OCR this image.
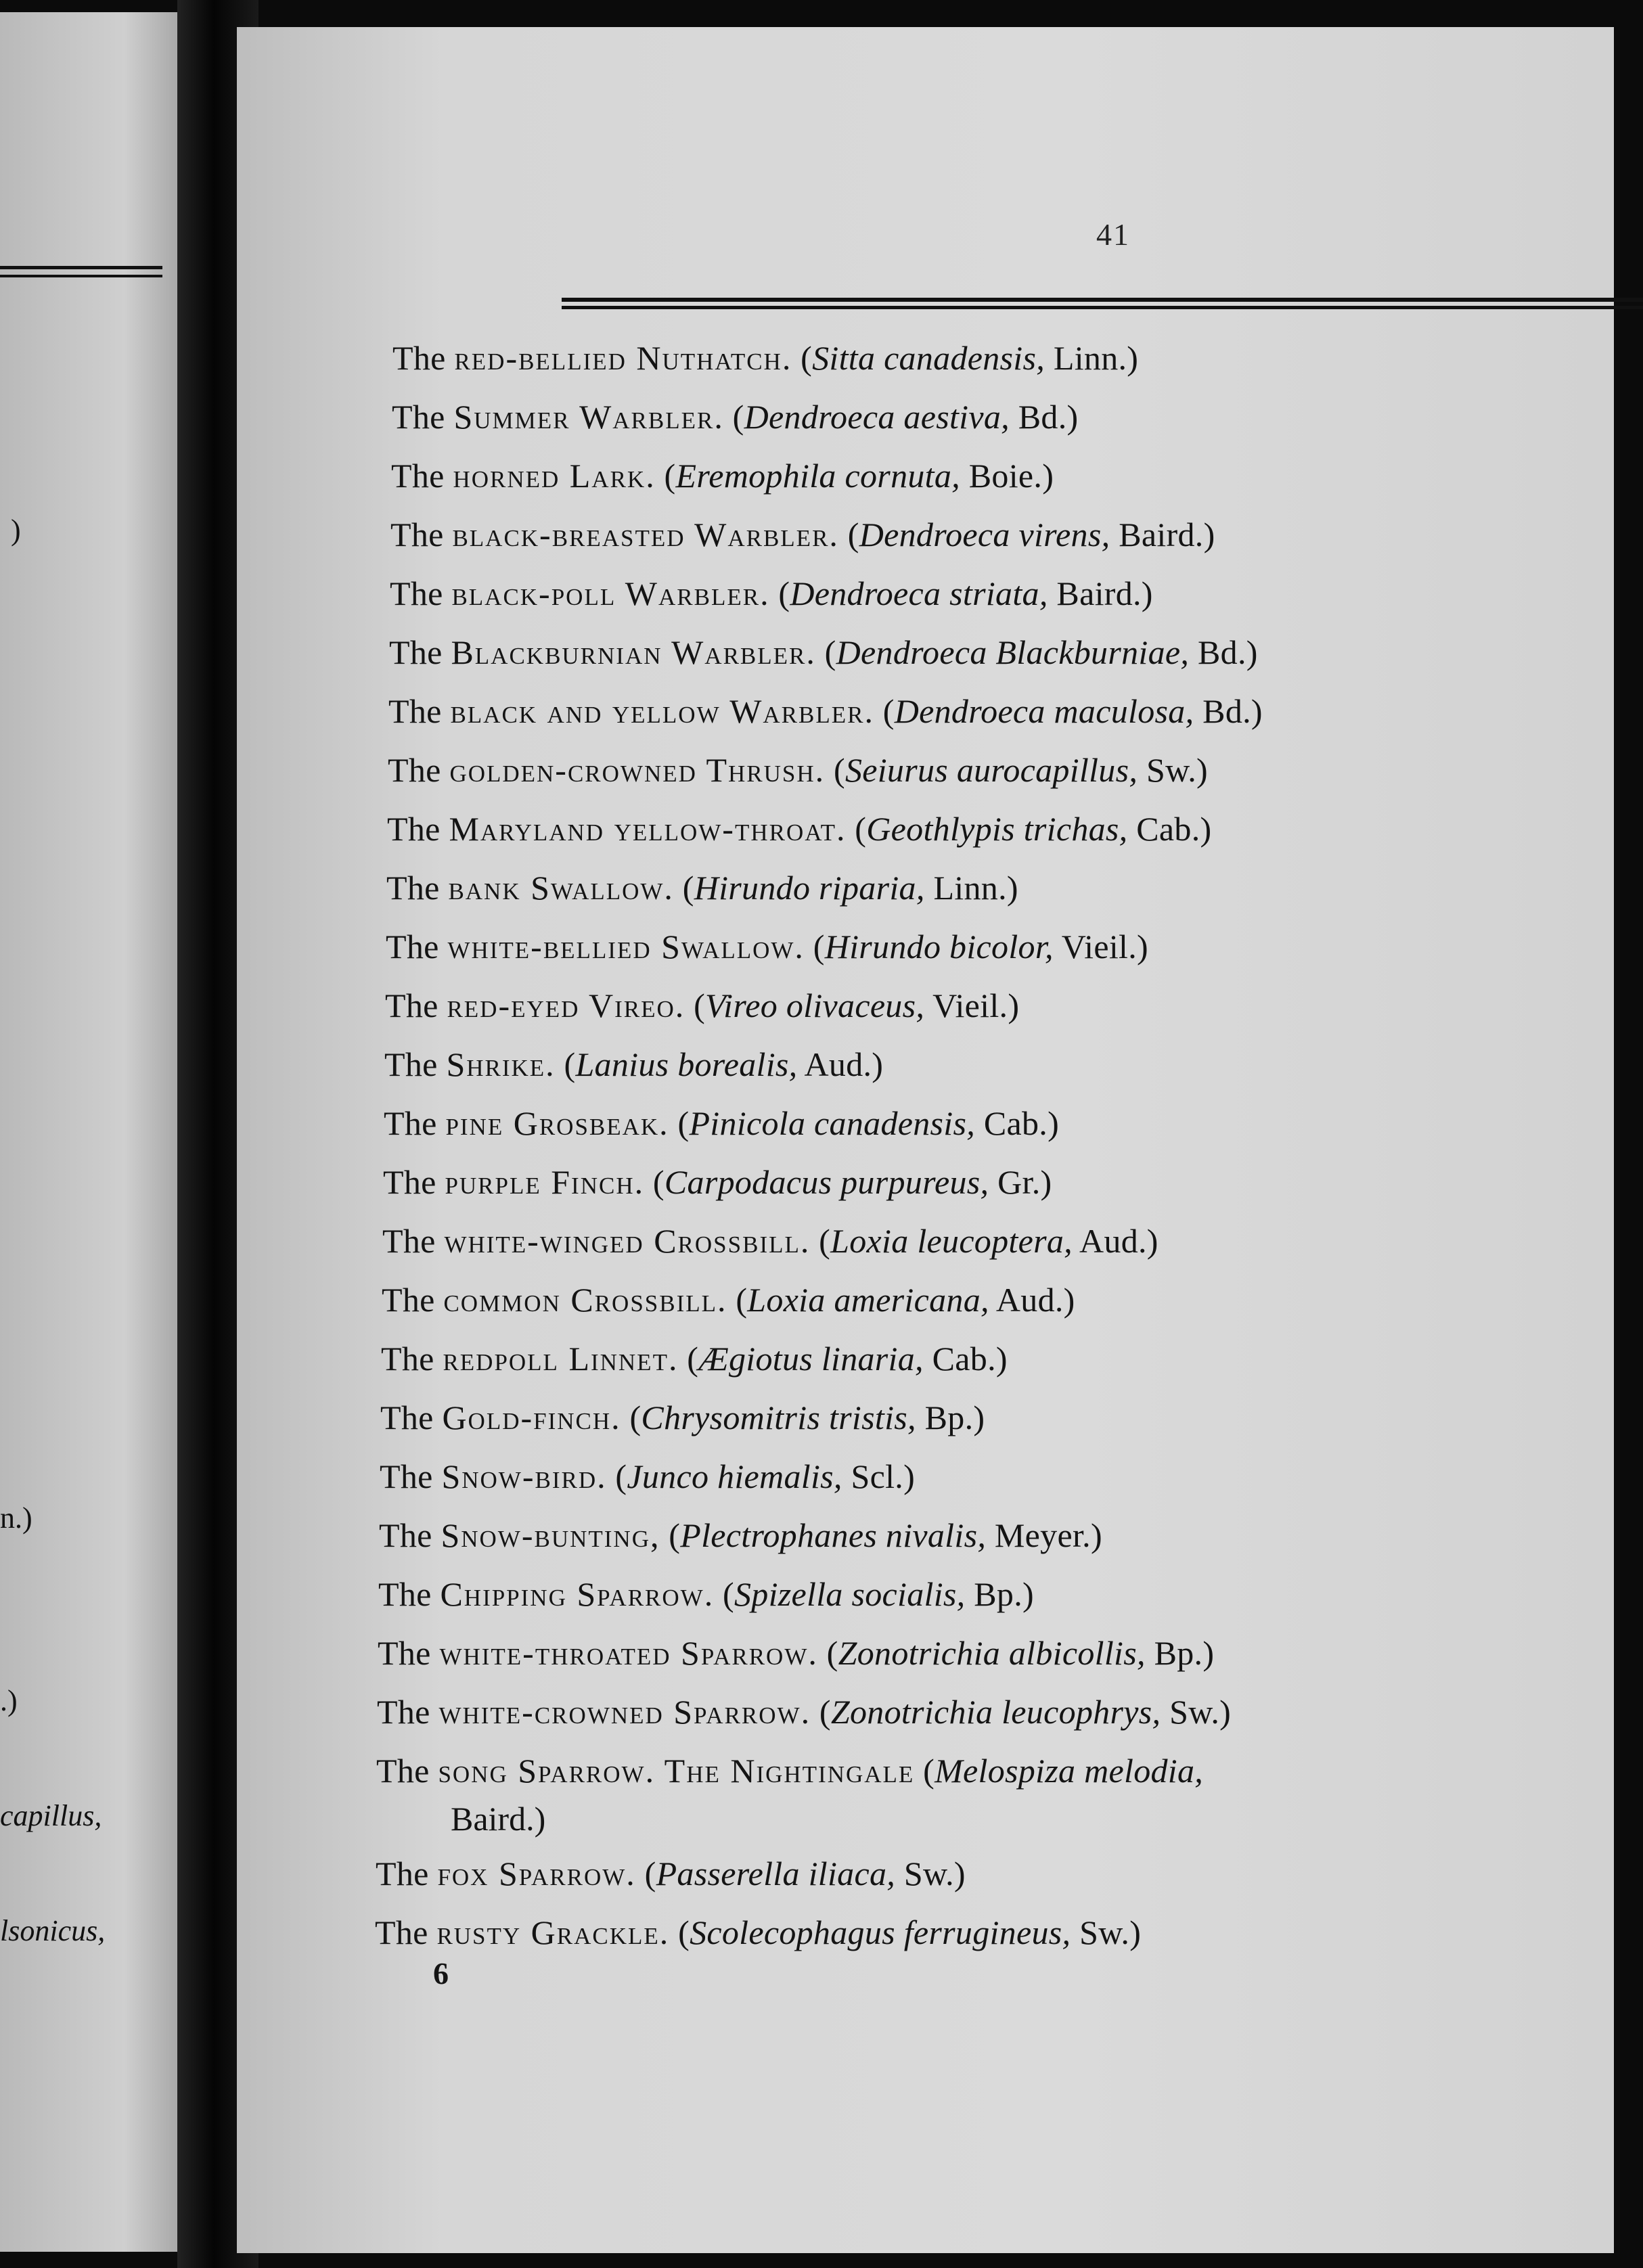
)
n.)
.)
capillus,
lsonicus,
41
The red-bellied Nuthatch. (Sitta canadensis, Linn.)
The Summer Warbler. (Dendroeca aestiva, Bd.)
The horned Lark. (Eremophila cornuta, Boie.)
The black-breasted Warbler. (Dendroeca virens, Baird.)
The black-poll Warbler. (Dendroeca striata, Baird.)
The Blackburnian Warbler. (Dendroeca Blackburniae, Bd.)
The black and yellow Warbler. (Dendroeca maculosa, Bd.)
The golden-crowned Thrush. (Seiurus aurocapillus, Sw.)
The Maryland yellow-throat. (Geothlypis trichas, Cab.)
The bank Swallow. (Hirundo riparia, Linn.)
The white-bellied Swallow. (Hirundo bicolor, Vieil.)
The red-eyed Vireo. (Vireo olivaceus, Vieil.)
The Shrike. (Lanius borealis, Aud.)
The pine Grosbeak. (Pinicola canadensis, Cab.)
The purple Finch. (Carpodacus purpureus, Gr.)
The white-winged Crossbill. (Loxia leucoptera, Aud.)
The common Crossbill. (Loxia americana, Aud.)
The redpoll Linnet. (Ægiotus linaria, Cab.)
The Gold-finch. (Chrysomitris tristis, Bp.)
The Snow-bird. (Junco hiemalis, Scl.)
The Snow-bunting, (Plectrophanes nivalis, Meyer.)
The Chipping Sparrow. (Spizella socialis, Bp.)
The white-throated Sparrow. (Zonotrichia albicollis, Bp.)
The white-crowned Sparrow. (Zonotrichia leucophrys, Sw.)
The song Sparrow. The Nightingale (Melospiza melodia,
Baird.)
The fox Sparrow. (Passerella iliaca, Sw.)
The rusty Grackle. (Scolecophagus ferrugineus, Sw.)
6
